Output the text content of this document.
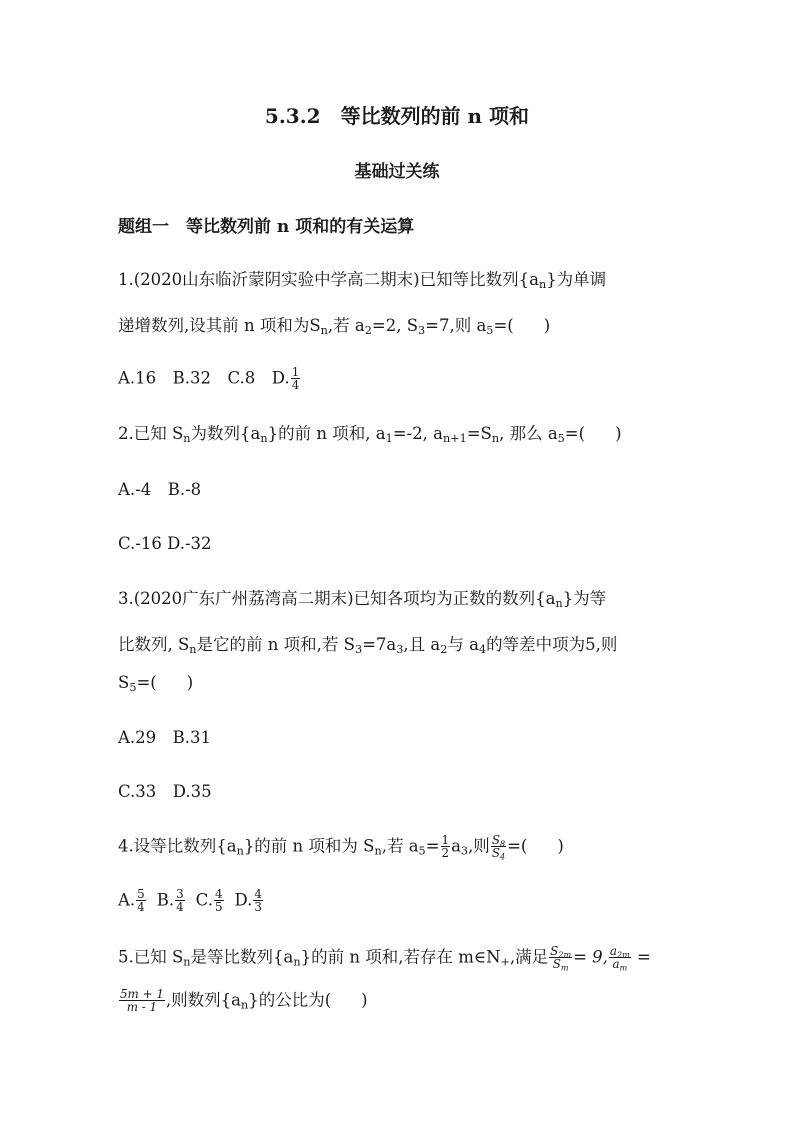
5.3.2　等比数列的前 n 项和
基础过关练
题组一　等比数列前 n 项和的有关运算
1.(2020山东临沂蒙阴实验中学高二期末)已知等比数列$\{a_n\}$为单调
递增数列,设其前 n 项和为$S_n$,若 $a_2=2$, $S_3=7$,则 $a_5=$( )
A.16　B.32　C.8　D. $\frac{1}{4}$
2.已知 $S_n$为数列$\{a_n\}$的前 n 项和, $a_1=-2$, $a_{n+1}=S_n$, 那么 $a_5=$( )
A.-4　B.-8
C.-16 D.-32
3.(2020广东广州荔湾高二期末)已知各项均为正数的数列$\{a_n\}$为等
比数列, $S_n$是它的前 n 项和,若 $S_3=7a_3$,且 $a_2$与 $a_4$的等差中项为5,则
$S_5=$( )
A.29　B.31
C.33　D.35
4.设等比数列$\{a_n\}$的前 n 项和为 $S_n$,若 $a_5= \frac{1}{2} a_3$,则 $\frac{S_8}{S_4}$ =( )
A. $\frac{5}{4} B$. $\frac{3}{4} C$. $\frac{4}{5} D$. $\frac{4}{3}$
5.已知 $S_n$是等比数列$\{a_n\}$的前 n 项和,若存在 $m\in N_+$,满足 $\frac{S_{2m}}{S_m} = 9$, $\frac{a_{2m}}{a_m}$ =
$\frac{5m + 1}{m - 1}$ ,则数列$\{a_n\}$的公比为( )
